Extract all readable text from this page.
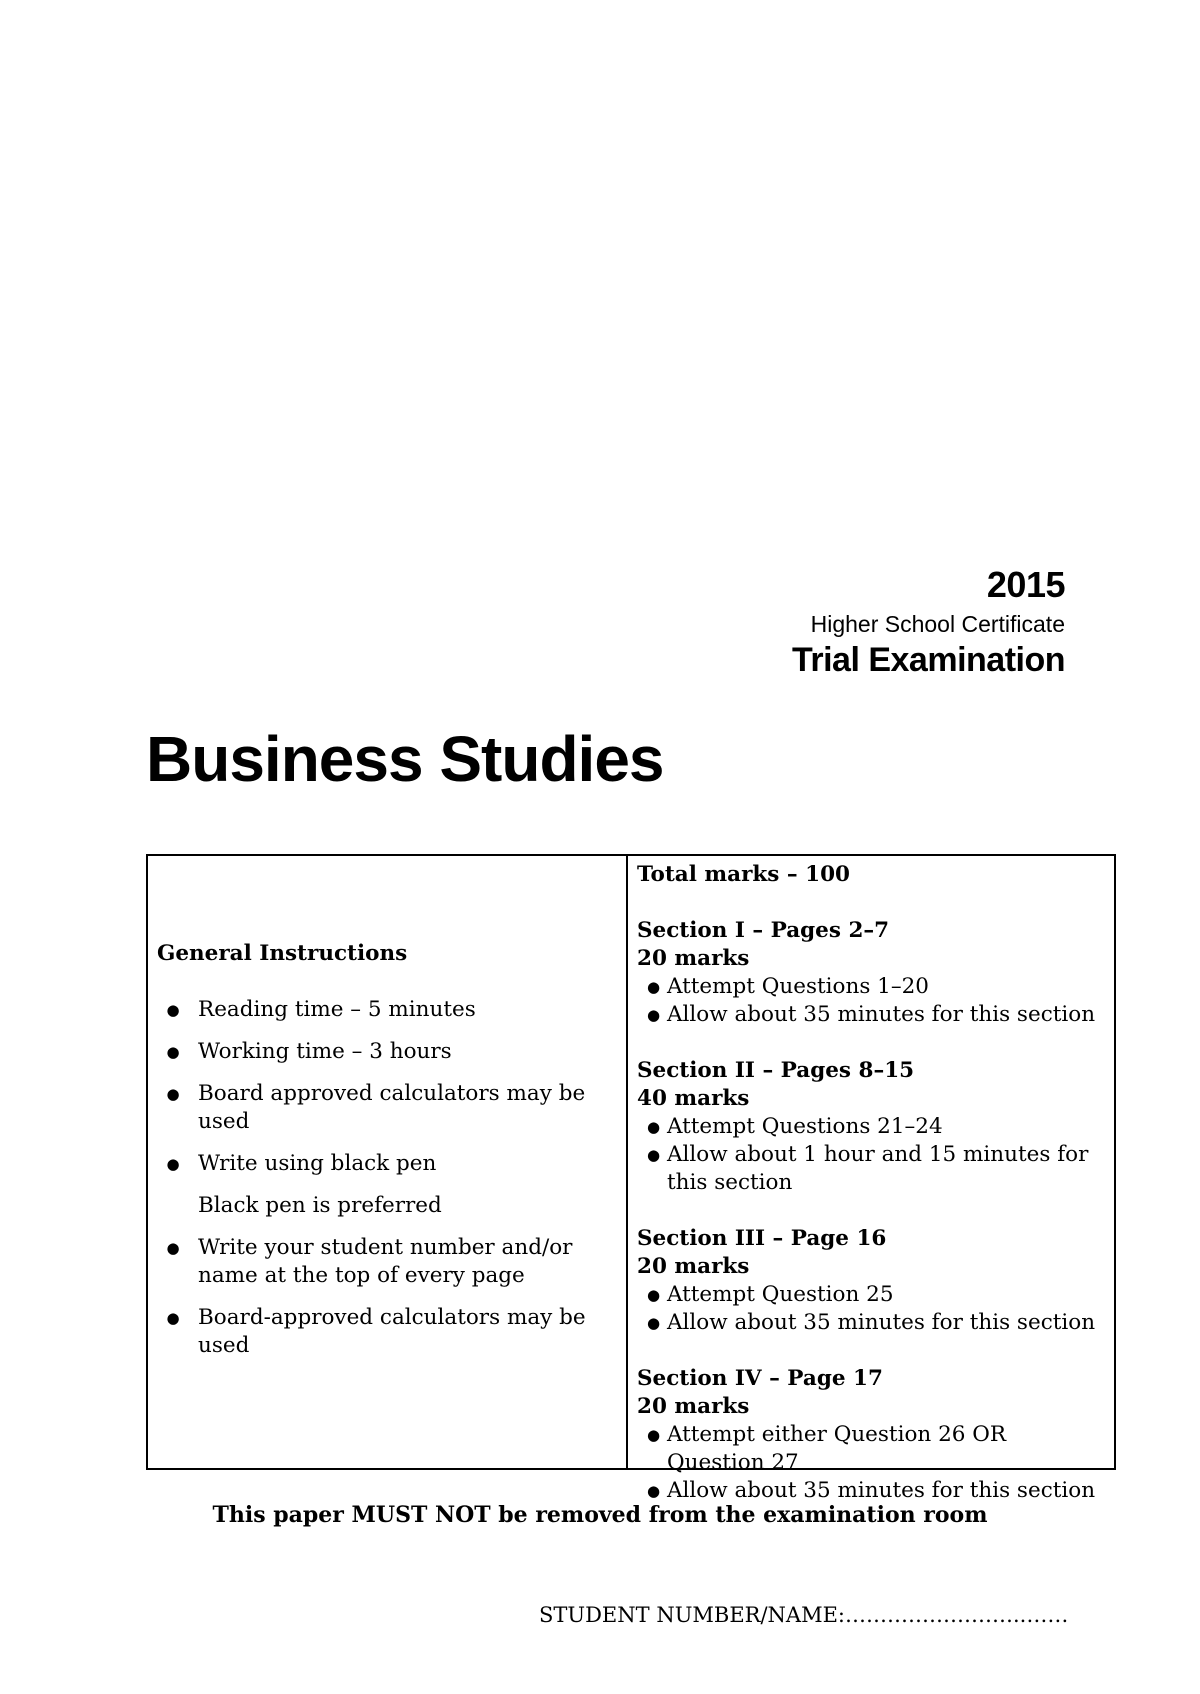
2015
Higher School Certificate
Trial Examination
Business Studies
General Instructions
● Reading time – 5 minutes
● Working time – 3 hours
● Board approved calculators may be used
● Write using black pen
Black pen is preferred
● Write your student number and/or name at the top of every page
● Board-approved calculators may be used
Total marks – 100
Section I – Pages 2–7
20 marks
● Attempt Questions 1–20
● Allow about 35 minutes for this section
Section II – Pages 8–15
40 marks
● Attempt Questions 21–24
● Allow about 1 hour and 15 minutes for this section
Section III – Page 16
20 marks
● Attempt Question 25
● Allow about 35 minutes for this section
Section IV – Page 17
20 marks
● Attempt either Question 26 OR Question 27
● Allow about 35 minutes for this section
This paper MUST NOT be removed from the examination room
STUDENT NUMBER/NAME:……………………..……
